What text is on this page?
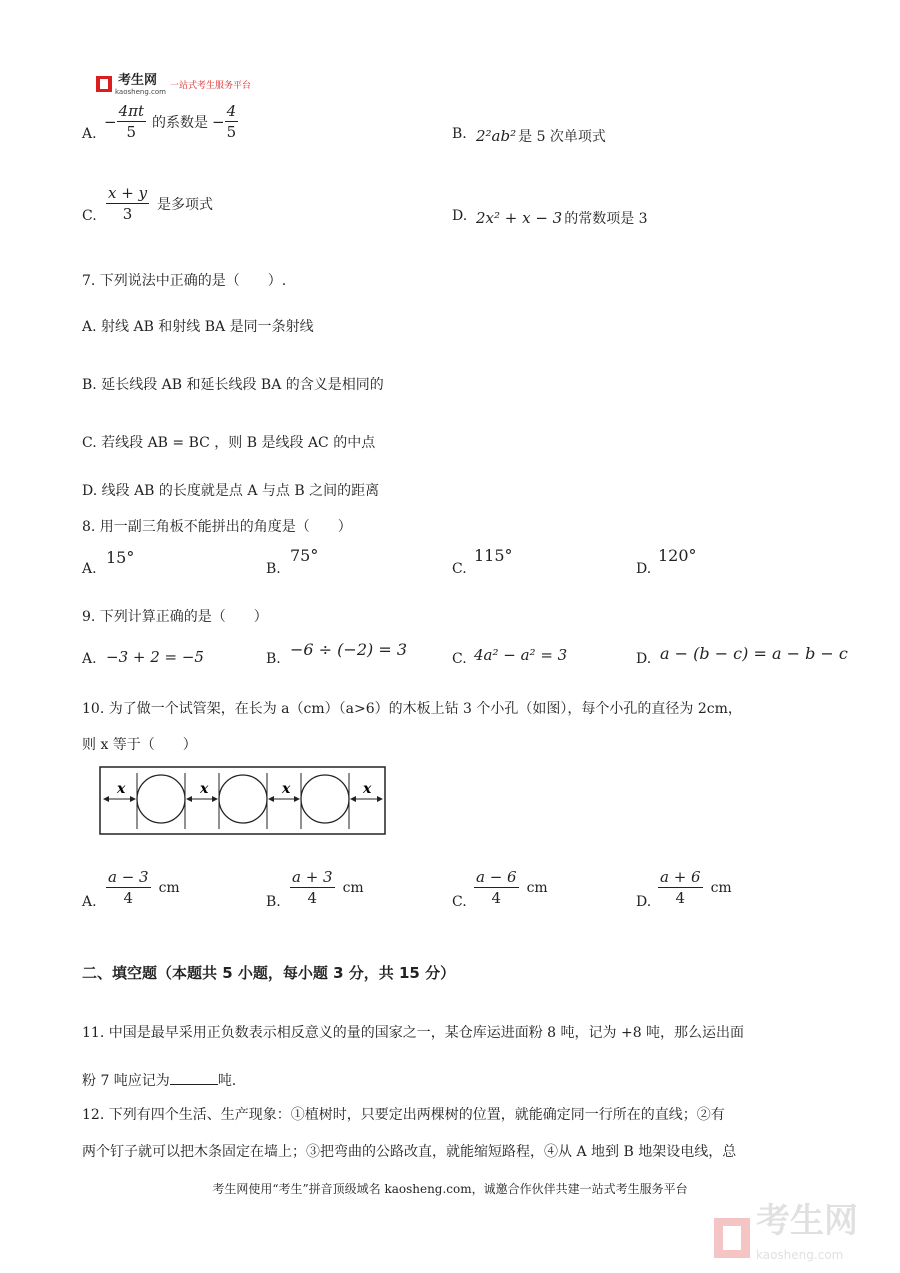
考生网
kaosheng.com
一站式考生服务平台
A.
− $\frac{4\pi t}{5}$ 的系数是 − $\frac{4}{5}$	B. 2²ab² 是 5 次单项式
C. $\frac{x + y}{3}$ 是多项式
D. 2x² + x − 3 的常数项是 3
7. 下列说法中正确的是（　　）.
A. 射线 AB 和射线 BA 是同一条射线
B. 延长线段 AB 和延长线段 BA 的含义是相同的
C. 若线段 AB = BC ，则 B 是线段 AC 的中点
D. 线段 AB 的长度就是点 A 与点 B 之间的距离
8. 用一副三角板不能拼出的角度是（　　）
A.
15°
B.
75°
C.
115°
D.
120°
9. 下列计算正确的是（　　）
A. −3 + 2 = −5	B. −6 ÷ (−2) = 3	C. 4a² − a² = 3	D. a − (b − c) = a − b − c
10. 为了做一个试管架，在长为 a（cm）（a>6）的木板上钻 3 个小孔（如图），每个小孔的直径为 2cm，
则 x 等于（　　）
x	x	x	x
A. $\frac{a - 3}{4}$ cm
B. $\frac{a + 3}{4}$ cm
C. $\frac{a - 6}{4}$ cm
D. $\frac{a + 6}{4}$ cm
二、填空题（本题共 5 小题，每小题 3 分，共 15 分）
11. 中国是最早采用正负数表示相反意义的量的国家之一，某仓库运进面粉 8 吨，记为 +8 吨，那么运出面
粉 7 吨应记为	吨.
12. 下列有四个生活、生产现象：①植树时，只要定出两棵树的位置，就能确定同一行所在的直线；②有
两个钉子就可以把木条固定在墙上；③把弯曲的公路改直，就能缩短路程，④从 A 地到 B 地架设电线，总
考生网使用“考生”拼音顶级域名 kaosheng.com，诚邀合作伙伴共建一站式考生服务平台
考生网
kaosheng.com
